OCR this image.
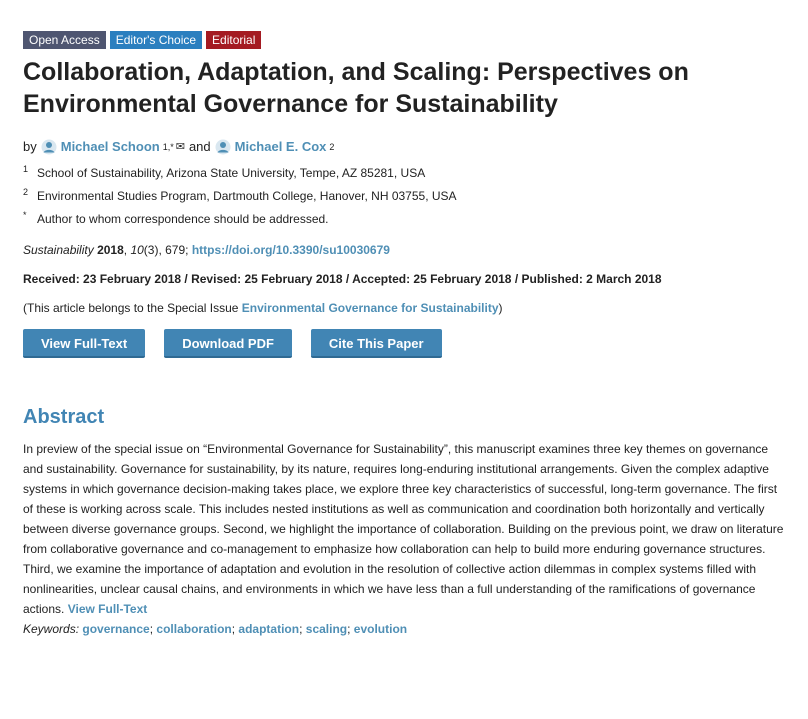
Open Access	Editor's Choice	Editorial
Collaboration, Adaptation, and Scaling: Perspectives on Environmental Governance for Sustainability
by Michael Schoon 1,* ✉ and Michael E. Cox 2
1 School of Sustainability, Arizona State University, Tempe, AZ 85281, USA
2 Environmental Studies Program, Dartmouth College, Hanover, NH 03755, USA
* Author to whom correspondence should be addressed.
Sustainability 2018, 10(3), 679; https://doi.org/10.3390/su10030679
Received: 23 February 2018 / Revised: 25 February 2018 / Accepted: 25 February 2018 / Published: 2 March 2018
(This article belongs to the Special Issue Environmental Governance for Sustainability)
View Full-Text	Download PDF	Cite This Paper
Abstract
In preview of the special issue on “Environmental Governance for Sustainability”, this manuscript examines three key themes on governance and sustainability. Governance for sustainability, by its nature, requires long-enduring institutional arrangements. Given the complex adaptive systems in which governance decision-making takes place, we explore three key characteristics of successful, long-term governance. The first of these is working across scale. This includes nested institutions as well as communication and coordination both horizontally and vertically between diverse governance groups. Second, we highlight the importance of collaboration. Building on the previous point, we draw on literature from collaborative governance and co-management to emphasize how collaboration can help to build more enduring governance structures. Third, we examine the importance of adaptation and evolution in the resolution of collective action dilemmas in complex systems filled with nonlinearities, unclear causal chains, and environments in which we have less than a full understanding of the ramifications of governance actions. View Full-Text
Keywords: governance; collaboration; adaptation; scaling; evolution
